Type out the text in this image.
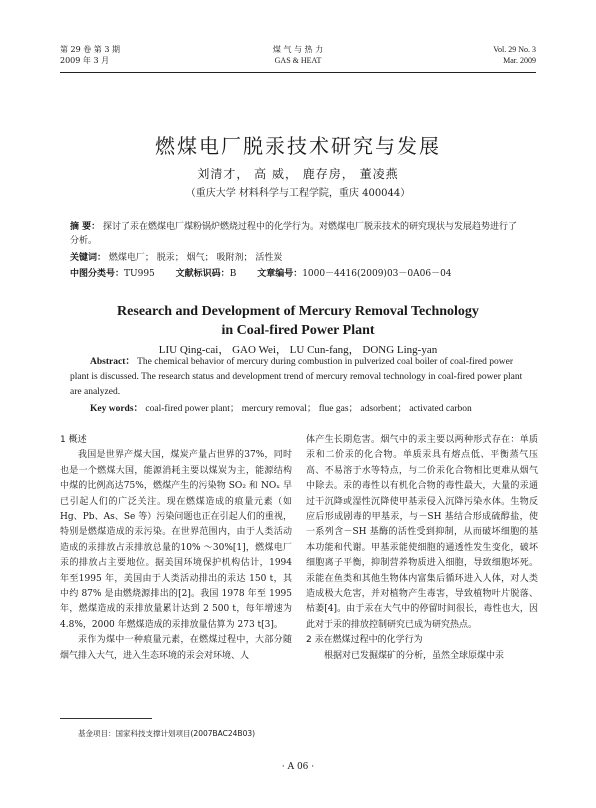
第 29 卷 第 3 期
2009 年 3 月
煤 气 与 热 力
GAS & HEAT
Vol. 29 No. 3
Mar. 2009
燃煤电厂脱汞技术研究与发展
刘清才， 高 威， 鹿存房， 董凌燕
（重庆大学 材料科学与工程学院，重庆 400044）
摘 要： 探讨了汞在燃煤电厂煤粉锅炉燃烧过程中的化学行为。对燃煤电厂脱汞技术的研究现状与发展趋势进行了分析。
关键词： 燃煤电厂； 脱汞； 烟气； 吸附剂； 活性炭
中图分类号：TU995 文献标识码：B 文章编号：1000－4416(2009)03－0A06－04
Research and Development of Mercury Removal Technology
in Coal-fired Power Plant
LIU Qing-cai， GAO Wei， LU Cun-fang， DONG Ling-yan
Abstract： The chemical behavior of mercury during combustion in pulverized coal boiler of coal-fired power plant is discussed. The research status and development trend of mercury removal technology in coal-fired power plant are analyzed.
Key words： coal-fired power plant； mercury removal； flue gas； adsorbent； activated carbon

1 概述

我国是世界产煤大国，煤炭产量占世界的37%，同时也是一个燃煤大国，能源消耗主要以煤炭为主，能源结构中煤的比例高达75%，燃煤产生的污染物 SO₂ 和 NOₓ 早已引起人们的广泛关注。现在燃煤造成的痕量元素（如 Hg、Pb、As、Se 等）污染问题也正在引起人们的重视，特别是燃煤造成的汞污染。在世界范围内，由于人类活动造成的汞排放占汞排放总量的10% ～30%[1]，燃煤电厂汞的排放占主要地位。据美国环境保护机构估计，1994 年至1995 年，美国由于人类活动排出的汞达 150 t，其中约 87% 是由燃烧源排出的[2]。我国 1978 年至 1995 年，燃煤造成的汞排放量累计达到 2 500 t，每年增速为 4.8%，2000 年燃煤造成的汞排放量估算为 273 t[3]。

汞作为煤中一种痕量元素，在燃煤过程中，大部分随烟气排入大气，进入生态环境的汞会对环境、人

体产生长期危害。烟气中的汞主要以两种形式存在：单质汞和二价汞的化合物。单质汞具有熔点低、平衡蒸气压高、不易溶于水等特点，与二价汞化合物相比更难从烟气中除去。汞的毒性以有机化合物的毒性最大，大量的汞通过干沉降或湿性沉降使甲基汞侵入沉降污染水体。生物反应后形成剧毒的甲基汞，与－SH 基结合形成硫醇盐，使一系列含－SH 基酶的活性受到抑制，从而破坏细胞的基本功能和代谢。甲基汞能使细胞的通透性发生变化，破坏细胞离子平衡，抑制营养物质进入细胞，导致细胞坏死。汞能在鱼类和其他生物体内富集后循环进入人体，对人类造成极大危害，并对植物产生毒害，导致植物叶片脱落、枯萎[4]。由于汞在大气中的停留时间很长，毒性也大，因此对于汞的排放控制研究已成为研究热点。

2 汞在燃煤过程中的化学行为

根据对已发掘煤矿的分析，虽然全球原煤中汞

基金项目：国家科技支撑计划项目(2007BAC24B03)
· A 06 ·
